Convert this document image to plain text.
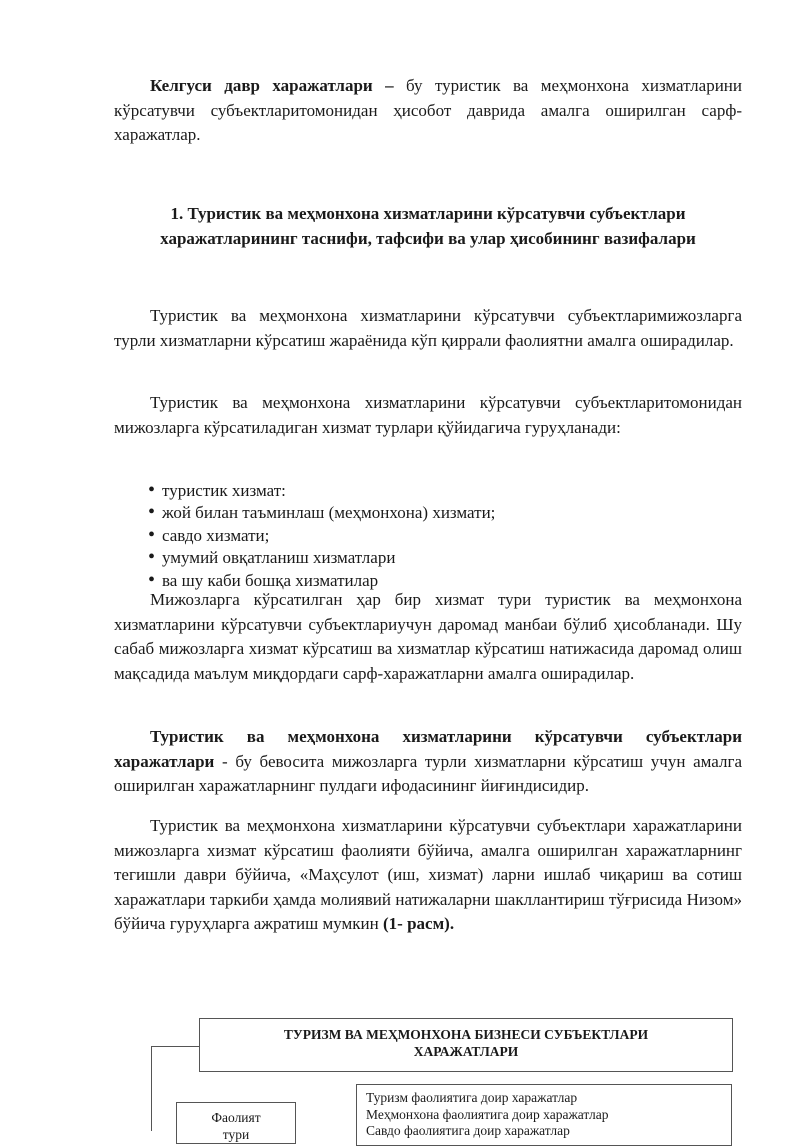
Келгуси давр харажатлари – бу туристик ва меҳмонхона хизматларини кўрсатувчи субъектларитомонидан ҳисобот даврида амалга оширилган сарф-харажатлар.

1. Туристик ва меҳмонхона хизматларини кўрсатувчи субъектлари харажатларининг таснифи, тафсифи ва улар ҳисобининг вазифалари

Туристик ва меҳмонхона хизматларини кўрсатувчи субъектларимижозларга турли хизматларни кўрсатиш жараёнида кўп қиррали фаолиятни амалга оширадилар.

Туристик ва меҳмонхона хизматларини кўрсатувчи субъектларитомонидан мижозларга кўрсатиладиган хизмат турлари қўйидагича гуруҳланади:

• туристик хизмат:
• жой билан таъминлаш (меҳмонхона) хизмати;
• савдо хизмати;
• умумий овқатланиш хизматлари
• ва шу каби бошқа хизматилар

Мижозларга кўрсатилган ҳар бир хизмат тури туристик ва меҳмонхона хизматларини кўрсатувчи субъектлариучун даромад манбаи бўлиб ҳисобланади. Шу сабаб мижозларга хизмат кўрсатиш ва хизматлар кўрсатиш натижасида даромад олиш мақсадида маълум миқдордаги сарф-харажатларни амалга оширадилар.

Туристик ва меҳмонхона хизматларини кўрсатувчи субъектлари харажатлари - бу бевосита мижозларга турли хизматларни кўрсатиш учун амалга оширилган харажатларнинг пулдаги ифодасининг йиғиндисидир.

Туристик ва меҳмонхона хизматларини кўрсатувчи субъектлари харажатларини мижозларга хизмат кўрсатиш фаолияти бўйича, амалга оширилган харажатларнинг тегишли даври бўйича, «Маҳсулот (иш, хизмат) ларни ишлаб чиқариш ва сотиш харажатлари таркиби ҳамда молиявий натижаларни шакллантириш тўғрисида Низом» бўйича гуруҳларга ажратиш мумкин (1- расм).

ТУРИЗМ ВА МЕҲМОНХОНА БИЗНЕСИ СУБЪЕКТЛАРИ
ХАРАЖАТЛАРИ
Фаолият
тури
Туризм фаолиятига доир харажатлар
Меҳмонхона фаолиятига доир харажатлар
Савдо фаолиятига доир харажатлар
